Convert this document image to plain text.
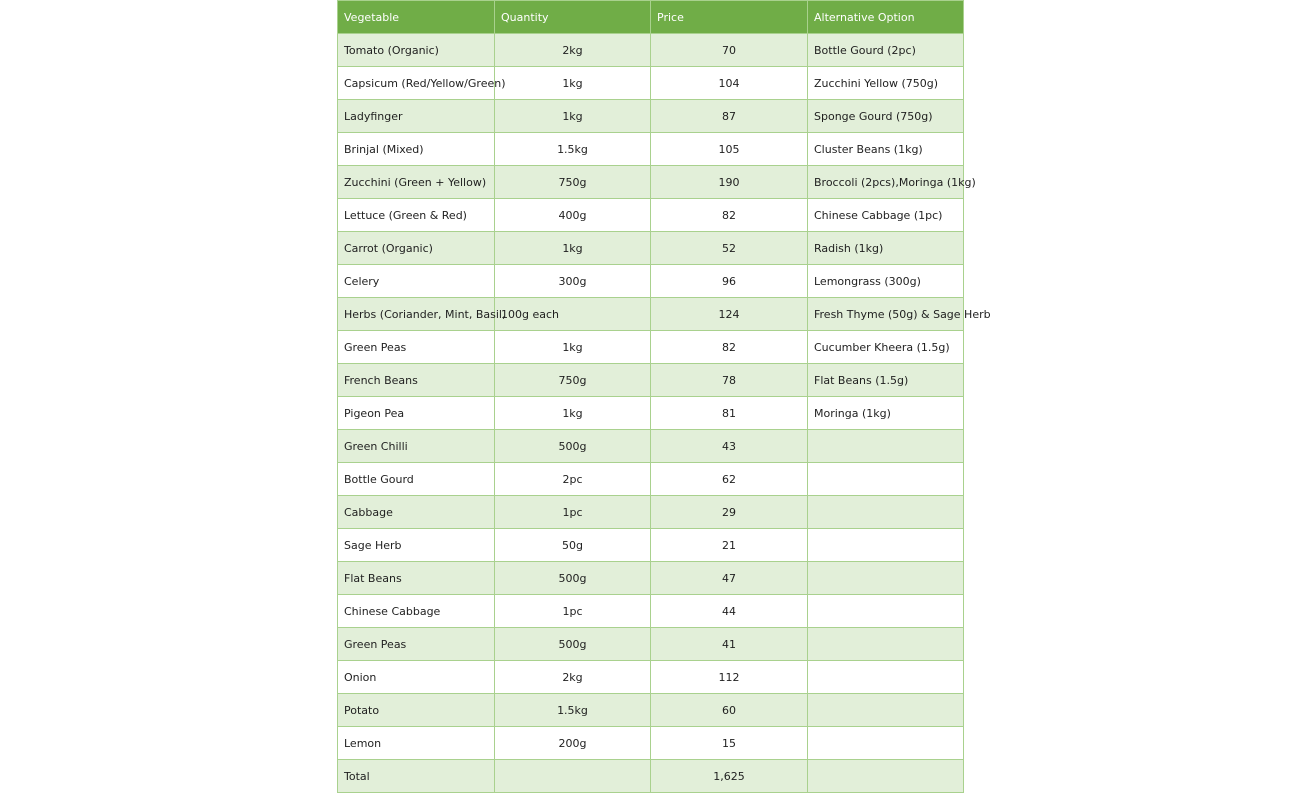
Vegetable	Quantity	Price	Alternative Option
Tomato (Organic)	2kg	70	Bottle Gourd (2pc)
Capsicum (Red/Yellow/Green)	1kg	104	Zucchini Yellow (750g)
Ladyfinger	1kg	87	Sponge Gourd (750g)
Brinjal (Mixed)	1.5kg	105	Cluster Beans (1kg)
Zucchini (Green + Yellow)	750g	190	Broccoli (2pcs),Moringa (1kg)
Lettuce (Green & Red)	400g	82	Chinese Cabbage (1pc)
Carrot (Organic)	1kg	52	Radish (1kg)
Celery	300g	96	Lemongrass (300g)
Herbs (Coriander, Mint, Basil,	100g each	124	Fresh Thyme (50g) & Sage Herb
Green Peas	1kg	82	Cucumber Kheera (1.5g)
French Beans	750g	78	Flat Beans (1.5g)
Pigeon Pea	1kg	81	Moringa (1kg)
Green Chilli	500g	43	
Bottle Gourd	2pc	62	
Cabbage	1pc	29	
Sage Herb	50g	21	
Flat Beans	500g	47	
Chinese Cabbage	1pc	44	
Green Peas	500g	41	
Onion	2kg	112	
Potato	1.5kg	60	
Lemon	200g	15	
Total		1,625	
